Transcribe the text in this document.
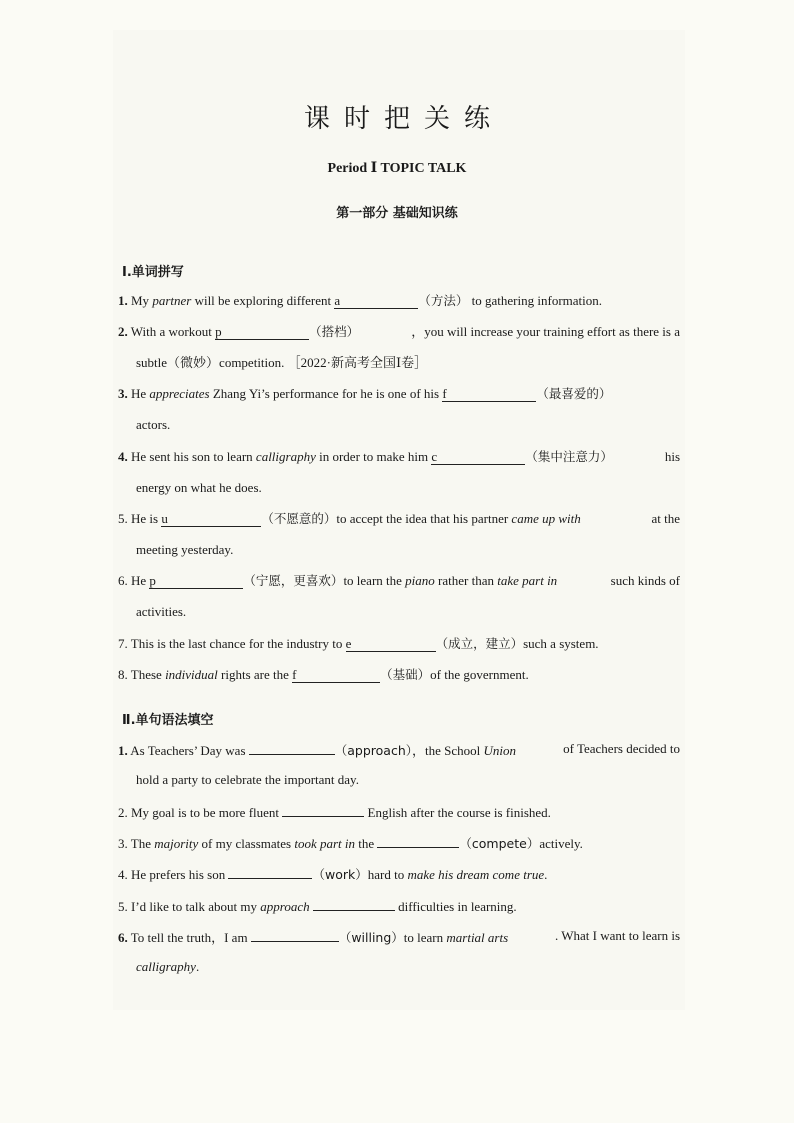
课时把关练
Period Ⅰ TOPIC TALK
第一部分 基础知识练
Ⅰ.单词拼写
1. My partner will be exploring different a	（方法） to gathering information.
2. With a workout p	（搭档）	，you will increase your training effort as there is a
subtle（微妙）competition. ［2022·新高考全国Ⅰ卷］
3. He appreciates Zhang Yi’s performance for he is one of his f	（最喜爱的）
actors.
4. He sent his son to learn calligraphy in order to make him c	（集中注意力）	his
energy on what he does.
5. He is u	（不愿意的）to accept the idea that his partner came up with	at the
meeting yesterday.
6. He p	（宁愿，更喜欢）to learn the piano rather than take part in	such kinds of
activities.
7. This is the last chance for the industry to e	（成立，建立）such a system.
8. These individual rights are the f	（基础）of the government.
Ⅱ.单句语法填空
1. As Teachers’ Day was	（approach），the School Union	of Teachers decided to
hold a party to celebrate the important day.
2. My goal is to be more fluent	English after the course is finished.
3. The majority of my classmates took part in the	（compete）actively.
4. He prefers his son	（work）hard to make his dream come true.
5. I’d like to talk about my approach	difficulties in learning.
6. To tell the truth，I am	（willing）to learn martial arts	. What I want to learn is
calligraphy.
